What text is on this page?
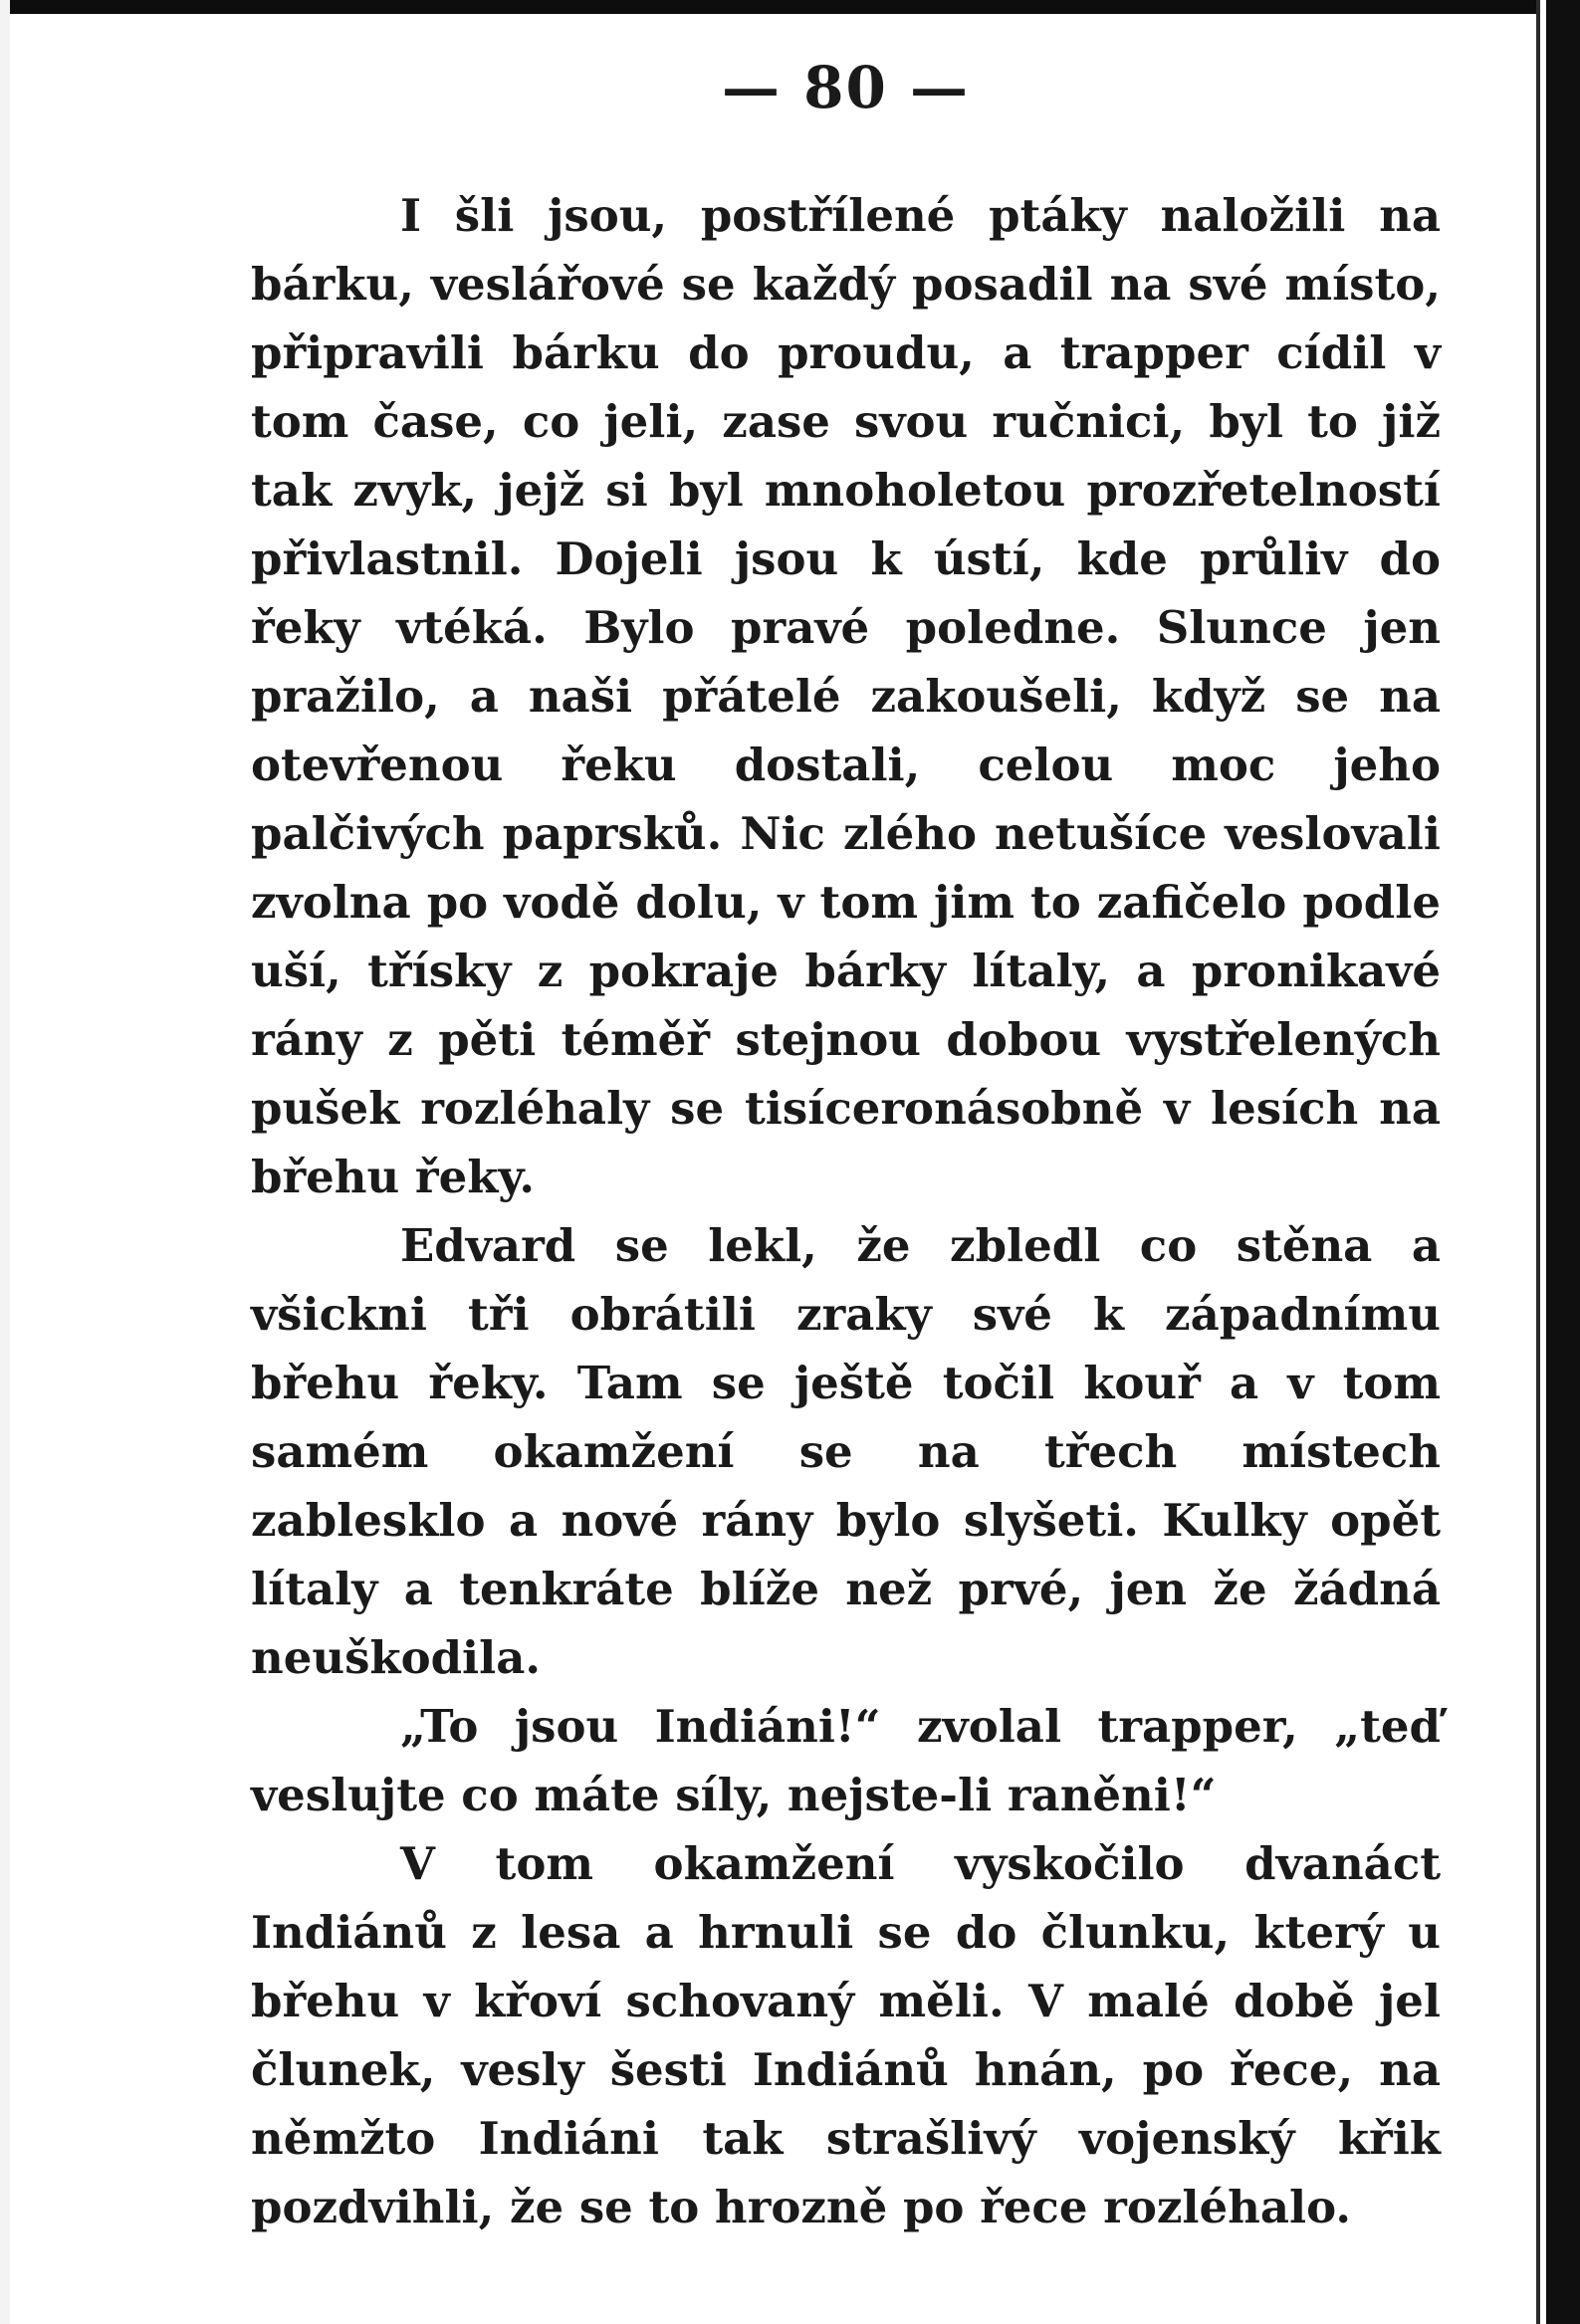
— 80 —

I šli jsou, postřílené ptáky naložili na bárku, veslářové se každý posadil na své místo, připravili bárku do proudu, a trapper cídil v tom čase, co jeli, zase svou ručnici, byl to již tak zvyk, jejž si byl mnoholetou prozřetelností přivlastnil. Dojeli jsou k ústí, kde průliv do řeky vtéká. Bylo pravé poledne. Slunce jen pražilo, a naši přátelé zakoušeli, když se na otevřenou řeku dostali, celou moc jeho palčivých paprsků. Nic zlého netušíce veslovali zvolna po vodě dolu, v tom jim to zafičelo podle uší, třísky z pokraje bárky lítaly, a pronikavé rány z pěti téměř stejnou dobou vystřelených pušek rozléhaly se tisíceronásobně v lesích na břehu řeky.

Edvard se lekl, že zbledl co stěna a všickni tři obrátili zraky své k západnímu břehu řeky. Tam se ještě točil kouř a v tom samém okamžení se na třech místech zablesklo a nové rány bylo slyšeti. Kulky opět lítaly a tenkráte blíže než prvé, jen že žádná neuškodila.

„To jsou Indiáni!“ zvolal trapper, „teď veslujte co máte síly, nejste-li raněni!“

V tom okamžení vyskočilo dvanáct Indiánů z lesa a hrnuli se do člunku, který u břehu v křoví schovaný měli. V malé době jel člunek, vesly šesti Indiánů hnán, po řece, na němžto Indiáni tak strašlivý vojenský křik pozdvihli, že se to hrozně po řece rozléhalo.
